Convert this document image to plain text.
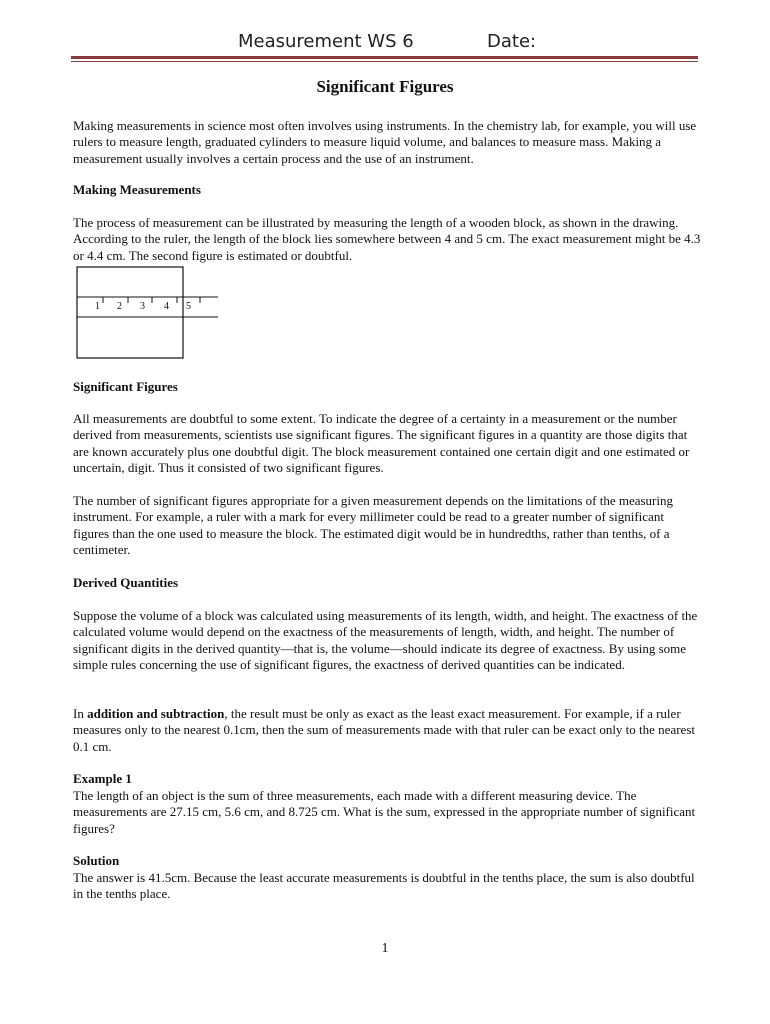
Measurement WS 6	Date:
Significant Figures
Making measurements in science most often involves using instruments. In the chemistry lab, for example, you will use rulers to measure length, graduated cylinders to measure liquid volume, and balances to measure mass. Making a measurement usually involves a certain process and the use of an instrument.
Making Measurements
The process of measurement can be illustrated by measuring the length of a wooden block, as shown in the drawing. According to the ruler, the length of the block lies somewhere between 4 and 5 cm. The exact measurement might be 4.3 or 4.4 cm. The second figure is estimated or doubtful.
1 2 3 4 5
Significant Figures
All measurements are doubtful to some extent. To indicate the degree of a certainty in a measurement or the number derived from measurements, scientists use significant figures. The significant figures in a quantity are those digits that are known accurately plus one doubtful digit. The block measurement contained one certain digit and one estimated or uncertain, digit. Thus it consisted of two significant figures.
The number of significant figures appropriate for a given measurement depends on the limitations of the measuring instrument. For example, a ruler with a mark for every millimeter could be read to a greater number of significant figures than the one used to measure the block. The estimated digit would be in hundredths, rather than tenths, of a centimeter.
Derived Quantities
Suppose the volume of a block was calculated using measurements of its length, width, and height. The exactness of the calculated volume would depend on the exactness of the measurements of length, width, and height. The number of significant digits in the derived quantity—that is, the volume—should indicate its degree of exactness. By using some simple rules concerning the use of significant figures, the exactness of derived quantities can be indicated.
In addition and subtraction, the result must be only as exact as the least exact measurement. For example, if a ruler measures only to the nearest 0.1cm, then the sum of measurements made with that ruler can be exact only to the nearest 0.1 cm.
Example 1
The length of an object is the sum of three measurements, each made with a different measuring device. The measurements are 27.15 cm, 5.6 cm, and 8.725 cm. What is the sum, expressed in the appropriate number of significant figures?
Solution
The answer is 41.5cm. Because the least accurate measurements is doubtful in the tenths place, the sum is also doubtful in the tenths place.
1
